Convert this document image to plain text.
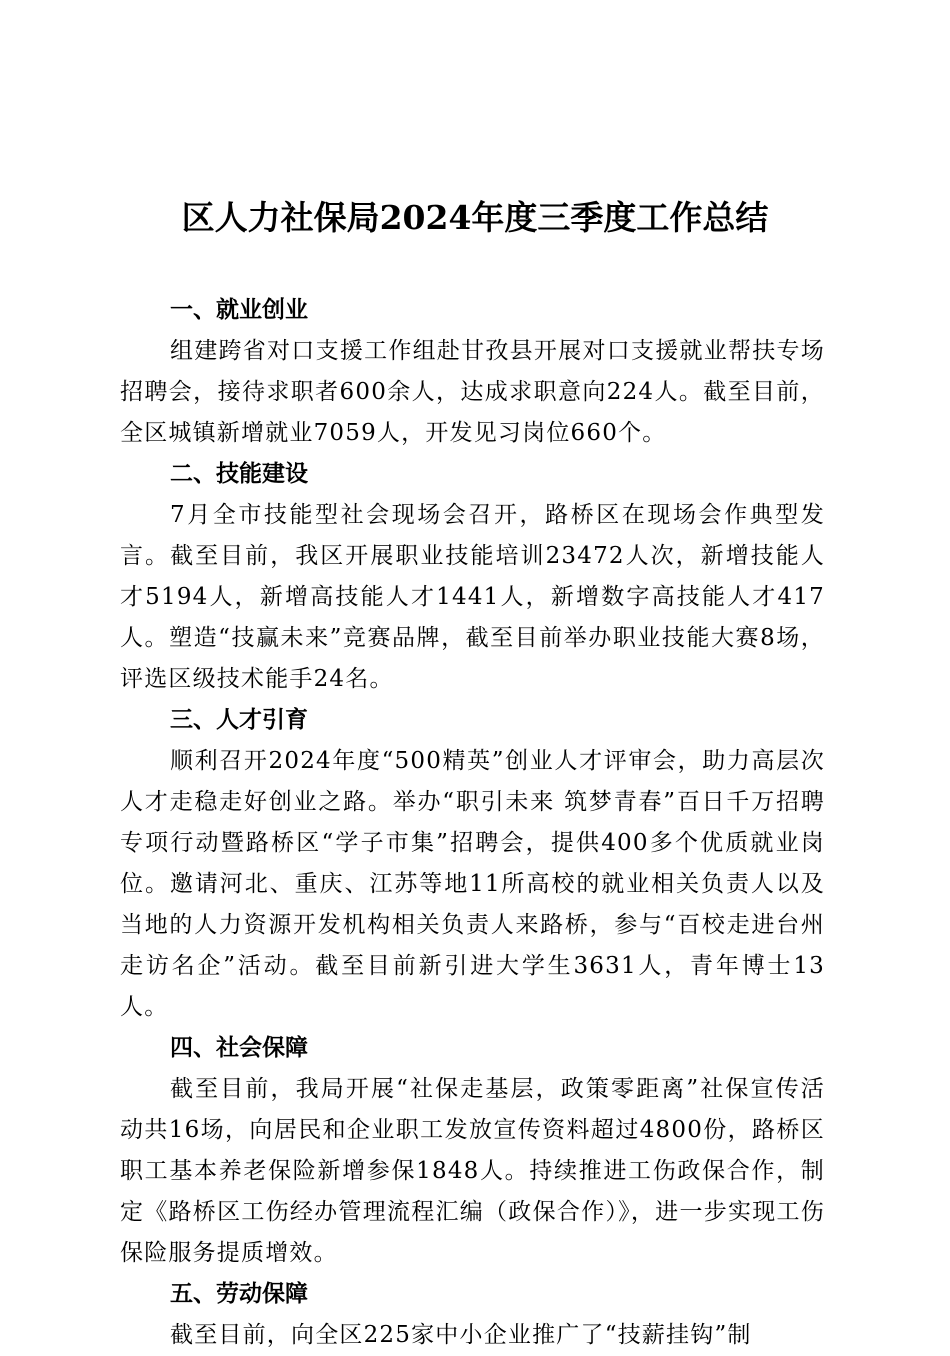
区人力社保局2024年度三季度工作总结
一、就业创业

组建跨省对口支援工作组赴甘孜县开展对口支援就业帮扶专场招聘会，接待求职者600余人，达成求职意向224人。截至目前，全区城镇新增就业7059人，开发见习岗位660个。

二、技能建设

7月全市技能型社会现场会召开，路桥区在现场会作典型发言。截至目前，我区开展职业技能培训23472人次，新增技能人才5194人，新增高技能人才1441人，新增数字高技能人才417人。塑造“技赢未来”竞赛品牌，截至目前举办职业技能大赛8场，评选区级技术能手24名。

三、人才引育

顺利召开2024年度“500精英”创业人才评审会，助力高层次人才走稳走好创业之路。举办“职引未来 筑梦青春”百日千万招聘专项行动暨路桥区“学子市集”招聘会，提供400多个优质就业岗位。邀请河北、重庆、江苏等地11所高校的就业相关负责人以及当地的人力资源开发机构相关负责人来路桥，参与“百校走进台州走访名企”活动。截至目前新引进大学生3631人，青年博士13人。

四、社会保障

截至目前，我局开展“社保走基层，政策零距离”社保宣传活动共16场，向居民和企业职工发放宣传资料超过4800份，路桥区职工基本养老保险新增参保1848人。持续推进工伤政保合作，制定《路桥区工伤经办管理流程汇编（政保合作）》，进一步实现工伤保险服务提质增效。

五、劳动保障

截至目前，向全区225家中小企业推广了“技薪挂钩”制
